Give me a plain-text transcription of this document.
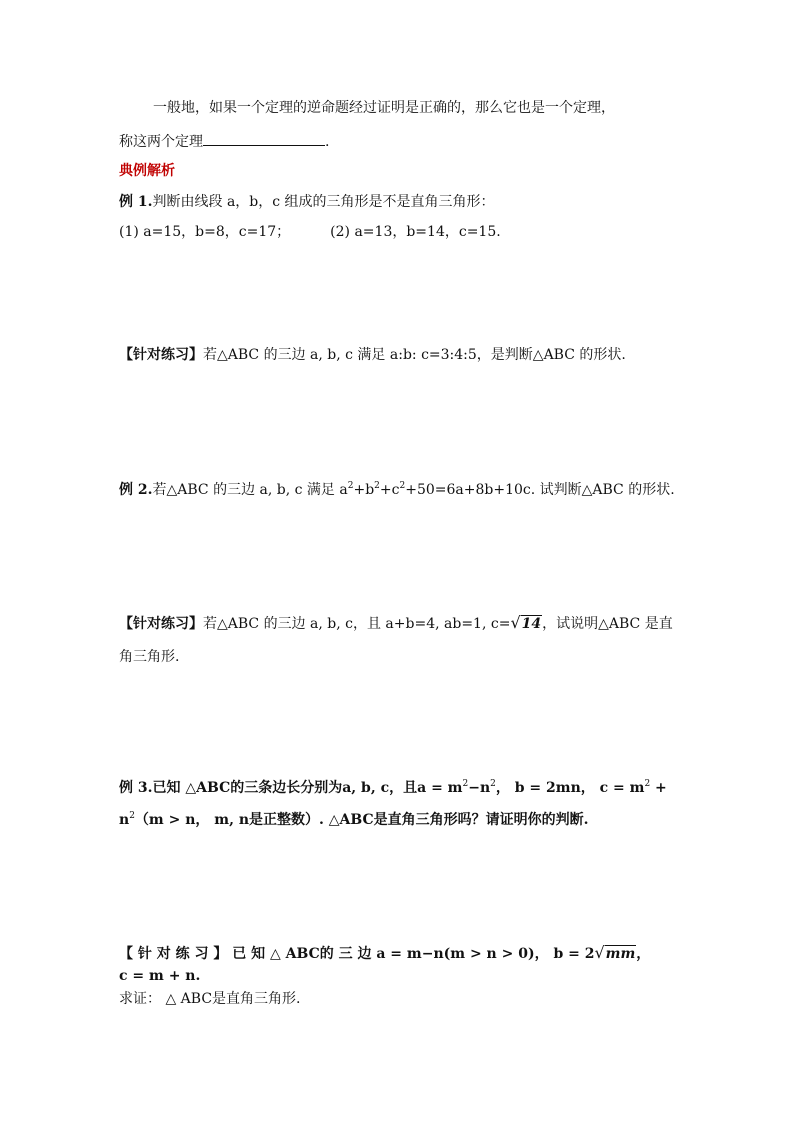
一般地，如果一个定理的逆命题经过证明是正确的，那么它也是一个定理，
称这两个定理	.
典例解析
例 1.判断由线段 a，b，c 组成的三角形是不是直角三角形：
(1) a=15，b=8，c=17；	(2) a=13，b=14，c=15.
【针对练习】若△ABC 的三边 a, b, c 满足 a:b: c=3:4:5，是判断△ABC 的形状.
例 2.若△ABC 的三边 a, b, c 满足 $a^2+b^2+c^2+50=6a+8b+10c$. 试判断△ABC 的形状.
【针对练习】若△ABC 的三边 a, b, c，且 a+b=4, ab=1, c=√14，试说明△ABC 是直
角三角形.
例 3.已知 △ABC的三条边长分别为a, b, c，且$a = m^2-n^2$， b = 2mn， $c = m^2$ +
$n^2(m > n$， m, n是正整数）. △ABC是直角三角形吗？请证明你的判断.
【 针 对 练 习 】 已 知 △ ABC的 三 边 a = m−n(m > n > 0)， b = 2√mm，
c = m + n.
求证： △ ABC是直角三角形.
